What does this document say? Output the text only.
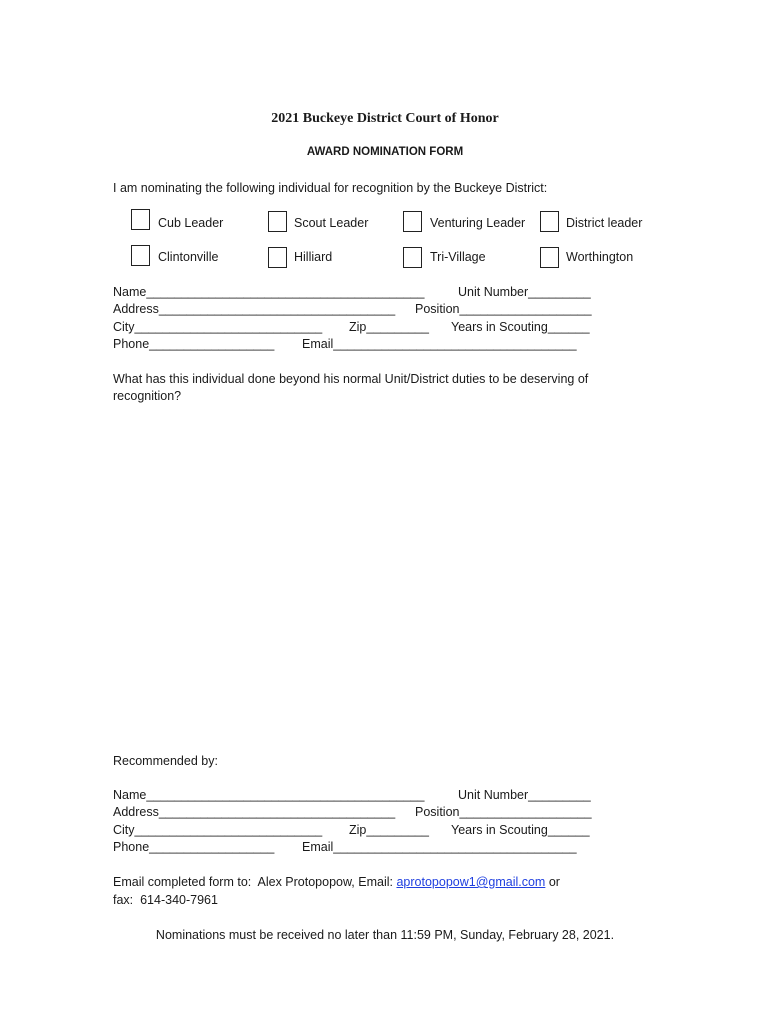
2021 Buckeye District Court of Honor
AWARD NOMINATION FORM
I am nominating the following individual for recognition by the Buckeye District:
Cub Leader	Scout Leader	Venturing Leader	District leader
Clintonville	Hilliard	Tri-Village	Worthington
Name________________________________________	Unit Number_________
Address__________________________________ Position___________________
City___________________________ Zip_________ Years in Scouting______
Phone__________________ Email___________________________________
What has this individual done beyond his normal Unit/District duties to be deserving of
recognition?
Recommended by:
Name________________________________________	Unit Number_________
Address__________________________________ Position___________________
City___________________________ Zip_________ Years in Scouting______
Phone__________________ Email___________________________________
Email completed form to:  Alex Protopopow, Email: aprotopopow1@gmail.com or
fax:  614-340-7961
Nominations must be received no later than 11:59 PM, Sunday, February 28, 2021.
